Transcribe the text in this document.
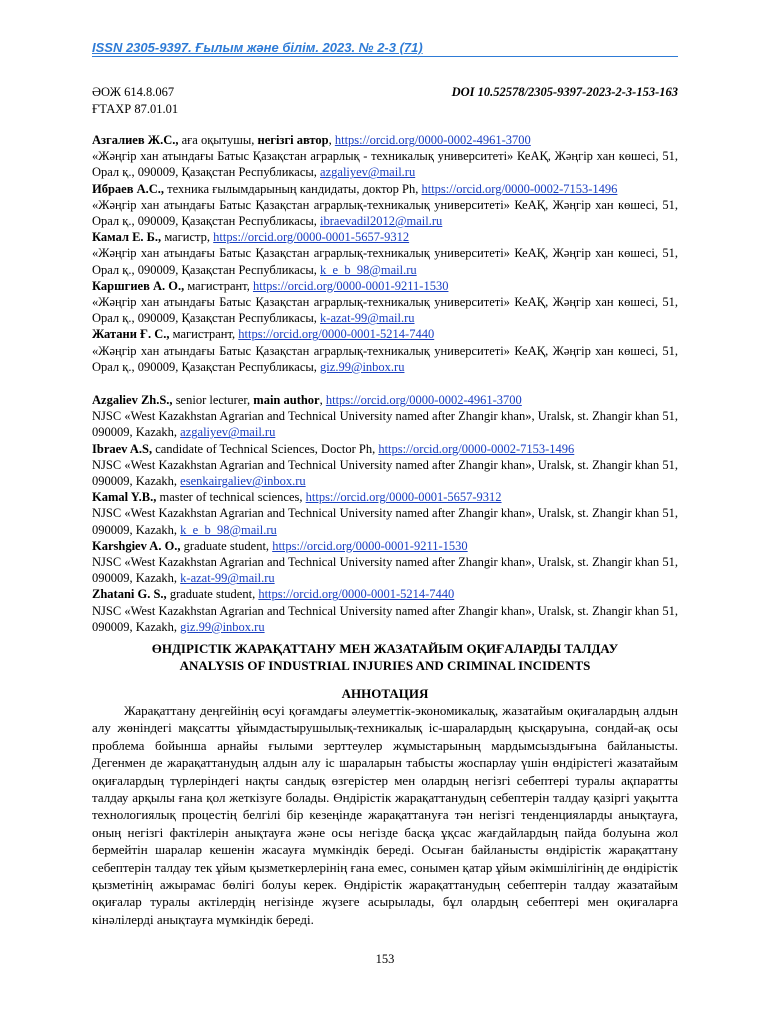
ISSN 2305-9397. Ғылым және білім. 2023. № 2-3 (71)
ӘОЖ 614.8.067	DOI 10.52578/2305-9397-2023-2-3-153-163
ҒТАХР 87.01.01

Азгалиев Ж.С., аға оқытушы, негізгі автор, https://orcid.org/0000-0002-4961-3700

«Жәңгір хан атындағы Батыс Қазақстан аграрлық - техникалық университеті» КеАҚ, Жәңгір хан көшесі, 51, Орал қ., 090009, Қазақстан Республикасы, azgaliyev@mail.ru

Ибраев А.С., техника ғылымдарының кандидаты, доктор Ph, https://orcid.org/0000-0002-7153-1496

«Жәңгір хан атындағы Батыс Қазақстан аграрлық-техникалық университеті» КеАҚ, Жәңгір хан көшесі, 51, Орал қ., 090009, Қазақстан Республикасы, ibraevadil2012@mail.ru

Камал Е. Б., магистр, https://orcid.org/0000-0001-5657-9312

«Жәңгір хан атындағы Батыс Қазақстан аграрлық-техникалық университеті» КеАҚ, Жәңгір хан көшесі, 51, Орал қ., 090009, Қазақстан Республикасы, k_e_b_98@mail.ru

Каршгиев А. О., магистрант, https://orcid.org/0000-0001-9211-1530

«Жәңгір хан атындағы Батыс Қазақстан аграрлық-техникалық университеті» КеАҚ, Жәңгір хан көшесі, 51, Орал қ., 090009, Қазақстан Республикасы, k-azat-99@mail.ru

Жатани Ғ. С., магистрант, https://orcid.org/0000-0001-5214-7440

«Жәңгір хан атындағы Батыс Қазақстан аграрлық-техникалық университеті» КеАҚ, Жәңгір хан көшесі, 51, Орал қ., 090009, Қазақстан Республикасы, giz.99@inbox.ru

Azgaliev Zh.S., senior lecturer, main author, https://orcid.org/0000-0002-4961-3700

NJSC «West Kazakhstan Agrarian and Technical University named after Zhangir khan», Uralsk, st. Zhangir khan 51, 090009, Kazakh, azgaliyev@mail.ru

Ibraev A.S, candidate of Technical Sciences, Doctor Ph, https://orcid.org/0000-0002-7153-1496

NJSC «West Kazakhstan Agrarian and Technical University named after Zhangir khan», Uralsk, st. Zhangir khan 51, 090009, Kazakh, esenkairgaliev@inbox.ru

Kamal Y.B., master of technical sciences, https://orcid.org/0000-0001-5657-9312

NJSC «West Kazakhstan Agrarian and Technical University named after Zhangir khan», Uralsk, st. Zhangir khan 51, 090009, Kazakh, k_e_b_98@mail.ru

Karshgiev A. O., graduate student, https://orcid.org/0000-0001-9211-1530

NJSC «West Kazakhstan Agrarian and Technical University named after Zhangir khan», Uralsk, st. Zhangir khan 51, 090009, Kazakh, k-azat-99@mail.ru

Zhatani G. S., graduate student, https://orcid.org/0000-0001-5214-7440

NJSC «West Kazakhstan Agrarian and Technical University named after Zhangir khan», Uralsk, st. Zhangir khan 51, 090009, Kazakh, giz.99@inbox.ru

ӨНДІРІСТІК ЖАРАҚАТТАНУ МЕН ЖАЗАТАЙЫМ ОҚИҒАЛАРДЫ ТАЛДАУ
ANALYSIS OF INDUSTRIAL INJURIES AND CRIMINAL INCIDENTS
АННОТАЦИЯ

Жарақаттану деңгейінің өсуі қоғамдағы әлеуметтік-экономикалық, жазатайым оқиғалардың алдын алу жөніндегі мақсатты ұйымдастырушылық-техникалық іс-шаралардың қысқаруына, сондай-ақ осы проблема бойынша арнайы ғылыми зерттеулер жұмыстарының мардымсыздығына байланысты. Дегенмен де жарақаттанудың алдын алу іс шараларын табысты жоспарлау үшін өндірістегі жазатайым оқиғалардың түрлеріндегі нақты сандық өзгерістер мен олардың негізгі себептері туралы ақпаратты талдау арқылы ғана қол жеткізуге болады. Өндірістік жарақаттанудың себептерін талдау қазіргі уақытта технологиялық процестің белгілі бір кезеңінде жарақаттануға тән негізгі тенденцияларды анықтауға, оның негізгі фактілерін анықтауға және осы негізде басқа ұқсас жағдайлардың пайда болуына жол бермейтін шаралар кешенін жасауға мүмкіндік береді. Осыған байланысты өндірістік жарақаттану себептерін талдау тек ұйым қызметкерлерінің ғана емес, сонымен қатар ұйым әкімшілігінің де өндірістік қызметінің ажырамас бөлігі болуы керек. Өндірістік жарақаттанудың себептерін талдау жазатайым оқиғалар туралы актілердің негізінде жүзеге асырылады, бұл олардың себептері мен оқиғаларға кінәлілерді анықтауға мүмкіндік береді.

153
